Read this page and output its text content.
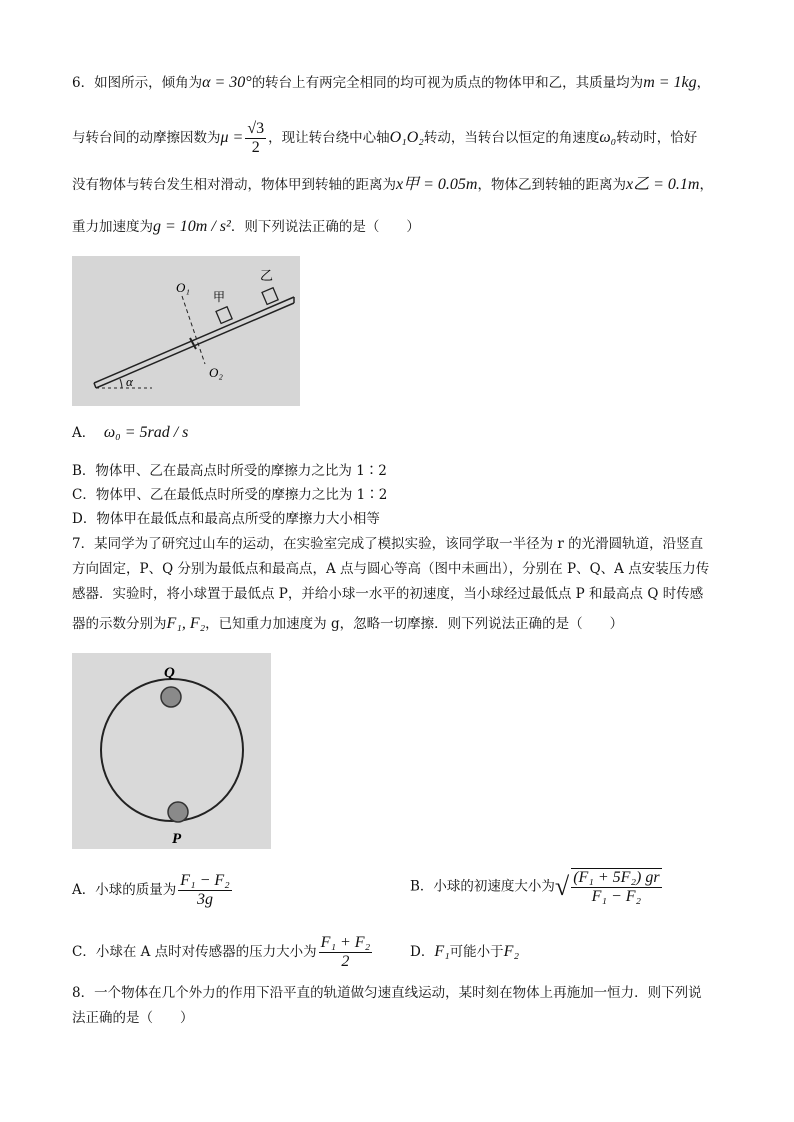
6．如图所示，倾角为α = 30°的转台上有两完全相同的均可视为质点的物体甲和乙，其质量均为m = 1kg，
与转台间的动摩擦因数为$\mu = \frac{√3}{2}$ ，现让转台绕中心轴O₁O₂转动，当转台以恒定的角速度ω₀转动时，恰好
没有物体与转台发生相对滑动，物体甲到转轴的距离为x甲 = 0.05m，物体乙到转轴的距离为x乙 = 0.1m，
重力加速度为g = 10m / s²．则下列说法正确的是（　　）
O₁
O₂
甲
乙
α
A． ω₀ = 5rad / s
B．物体甲、乙在最高点时所受的摩擦力之比为 1∶2
C．物体甲、乙在最低点时所受的摩擦力之比为 1∶2
D．物体甲在最低点和最高点所受的摩擦力大小相等
7．某同学为了研究过山车的运动，在实验室完成了模拟实验，该同学取一半径为 r 的光滑圆轨道，沿竖直
方向固定，P、Q 分别为最低点和最高点，A 点与圆心等高（图中未画出），分别在 P、Q、A 点安装压力传
感器．实验时，将小球置于最低点 P，并给小球一水平的初速度，当小球经过最低点 P 和最高点 Q 时传感
器的示数分别为F₁, F₂，已知重力加速度为 g，忽略一切摩擦．则下列说法正确的是（　　）
Q
P
A．小球的质量为 $\frac{\text{F₁ − F₂}}{3g}$	B．小球的初速度大小为√ $\frac{\text{(F₁ + 5F₂) gr}}{\text{F₁ − F₂}}$
C．小球在 A 点时对传感器的压力大小为 $\frac{\text{F₁ + F₂}}{2}$	D．F₁可能小于F₂
8．一个物体在几个外力的作用下沿平直的轨道做匀速直线运动，某时刻在物体上再施加一恒力．则下列说
法正确的是（　　）
